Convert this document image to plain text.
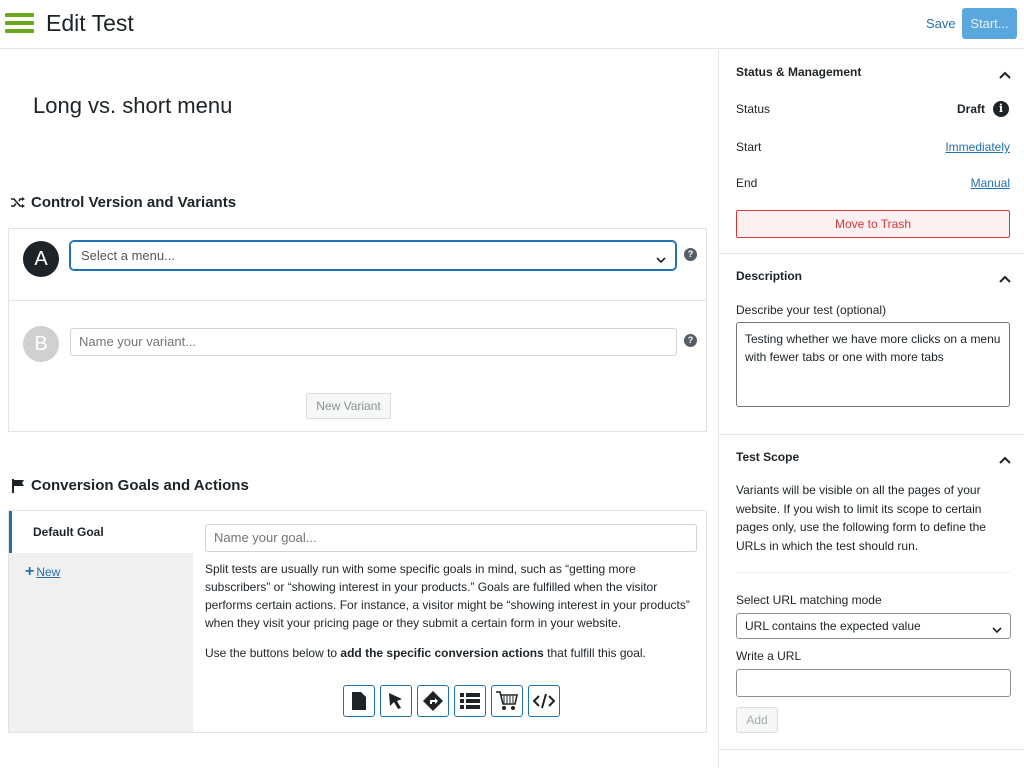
Edit Test	Save	Start...
Long vs. short menu
Control Version and Variants
A	Select a menu...	?
B	Name your variant...	?
New Variant
Conversion Goals and Actions
Default Goal
+ New
Name your goal...
Split tests are usually run with some specific goals in mind, such as “getting more subscribers” or “showing interest in your products.” Goals are fulfilled when the visitor performs certain actions. For instance, a visitor might be “showing interest in your products” when they visit your pricing page or they submit a certain form in your website.
Use the buttons below to add the specific conversion actions that fulfill this goal.
Status & Management
Status	Draft	i
Start	Immediately
End	Manual
Move to Trash
Description
Describe your test (optional)
Testing whether we have more clicks on a menu with fewer tabs or one with more tabs
Test Scope
Variants will be visible on all the pages of your website. If you wish to limit its scope to certain pages only, use the following form to define the URLs in which the test should run.
Select URL matching mode
URL contains the expected value
Write a URL
Add
